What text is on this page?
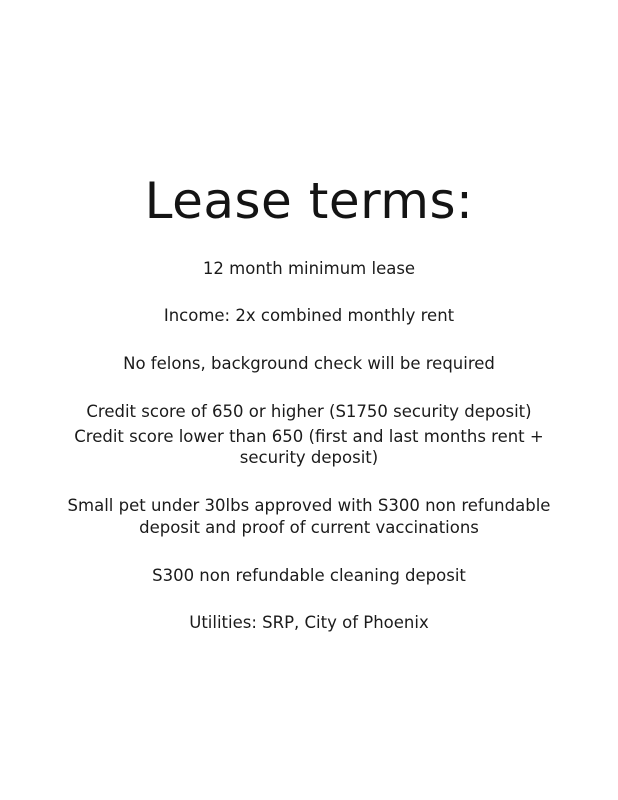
Lease terms:

12 month minimum lease

Income: 2x combined monthly rent

No felons, background check will be required

Credit score of 650 or higher (S1750 security deposit)

Credit score lower than 650 (first and last months rent + security deposit)

Small pet under 30lbs approved with S300 non refundable deposit and proof of current vaccinations

S300 non refundable cleaning deposit

Utilities: SRP, City of Phoenix
